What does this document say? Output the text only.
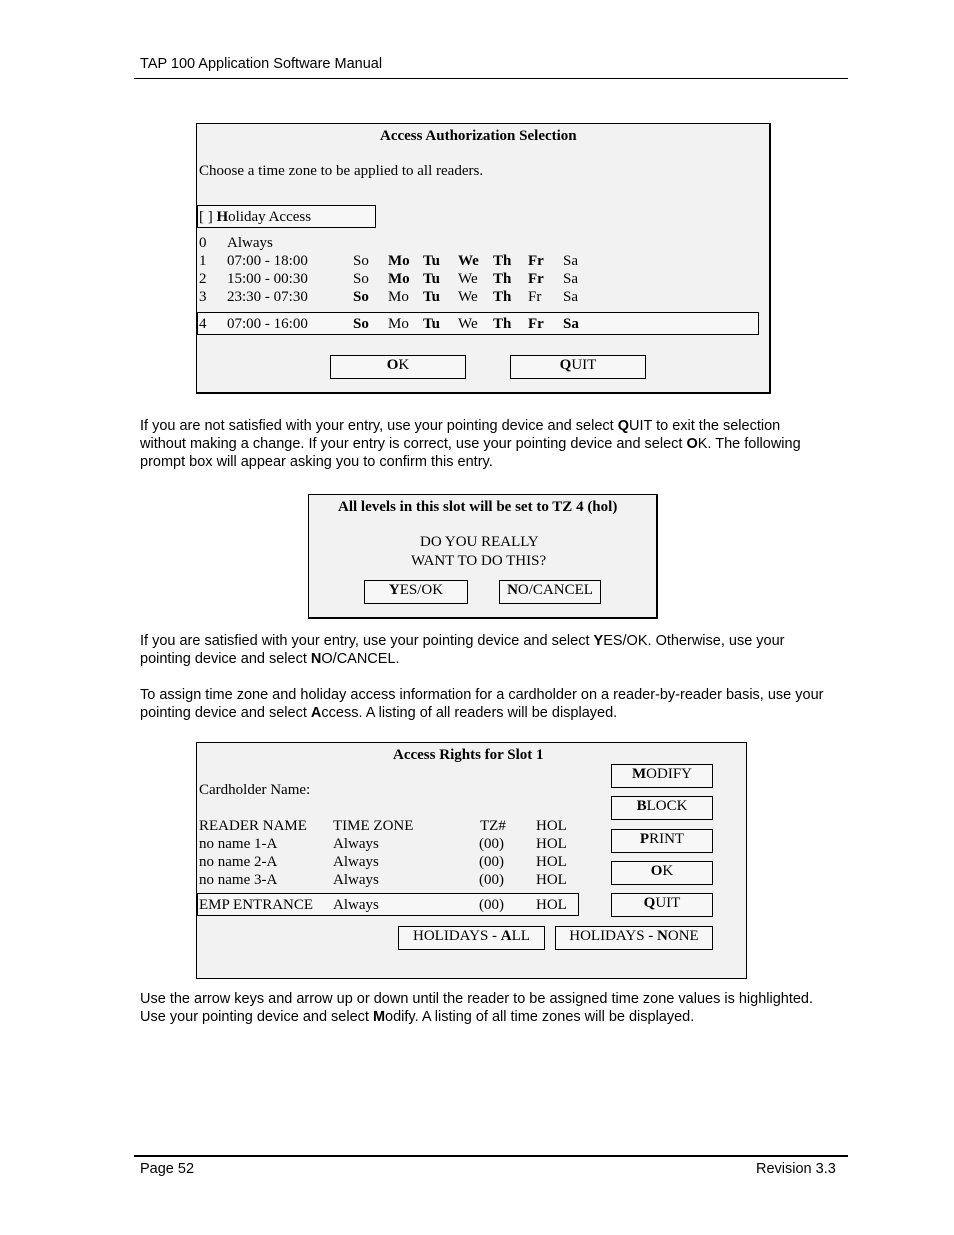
TAP 100 Application Software Manual
Access Authorization Selection
Choose a time zone to be applied to all readers.
[ ] Holiday Access
0 Always
1 07:00 - 18:00	So Mo Tu We Th Fr Sa
2 15:00 - 00:30	So Mo Tu We Th Fr Sa
3 23:30 - 07:30	So Mo Tu We Th Fr Sa
4 07:00 - 16:00	So Mo Tu We Th Fr Sa
OK	QUIT
If you are not satisfied with your entry, use your pointing device and select QUIT to exit the selection without making a change. If your entry is correct, use your pointing device and select OK. The following prompt box will appear asking you to confirm this entry.
All levels in this slot will be set to TZ 4 (hol)
DO YOU REALLY
WANT TO DO THIS?
YES/OK	NO/CANCEL
If you are satisfied with your entry, use your pointing device and select YES/OK. Otherwise, use your pointing device and select NO/CANCEL.
To assign time zone and holiday access information for a cardholder on a reader-by-reader basis, use your pointing device and select Access. A listing of all readers will be displayed.
Access Rights for Slot 1
Cardholder Name:
READER NAME TIME ZONE	TZ# HOL
no name 1-A	Always	(00) HOL
no name 2-A	Always	(00) HOL
no name 3-A	Always	(00) HOL
EMP ENTRANCE Always	(00) HOL
MODIFY
BLOCK
PRINT
OK
QUIT
HOLIDAYS - ALL	HOLIDAYS - NONE
Use the arrow keys and arrow up or down until the reader to be assigned time zone values is highlighted. Use your pointing device and select Modify. A listing of all time zones will be displayed.
Page 52	Revision 3.3
